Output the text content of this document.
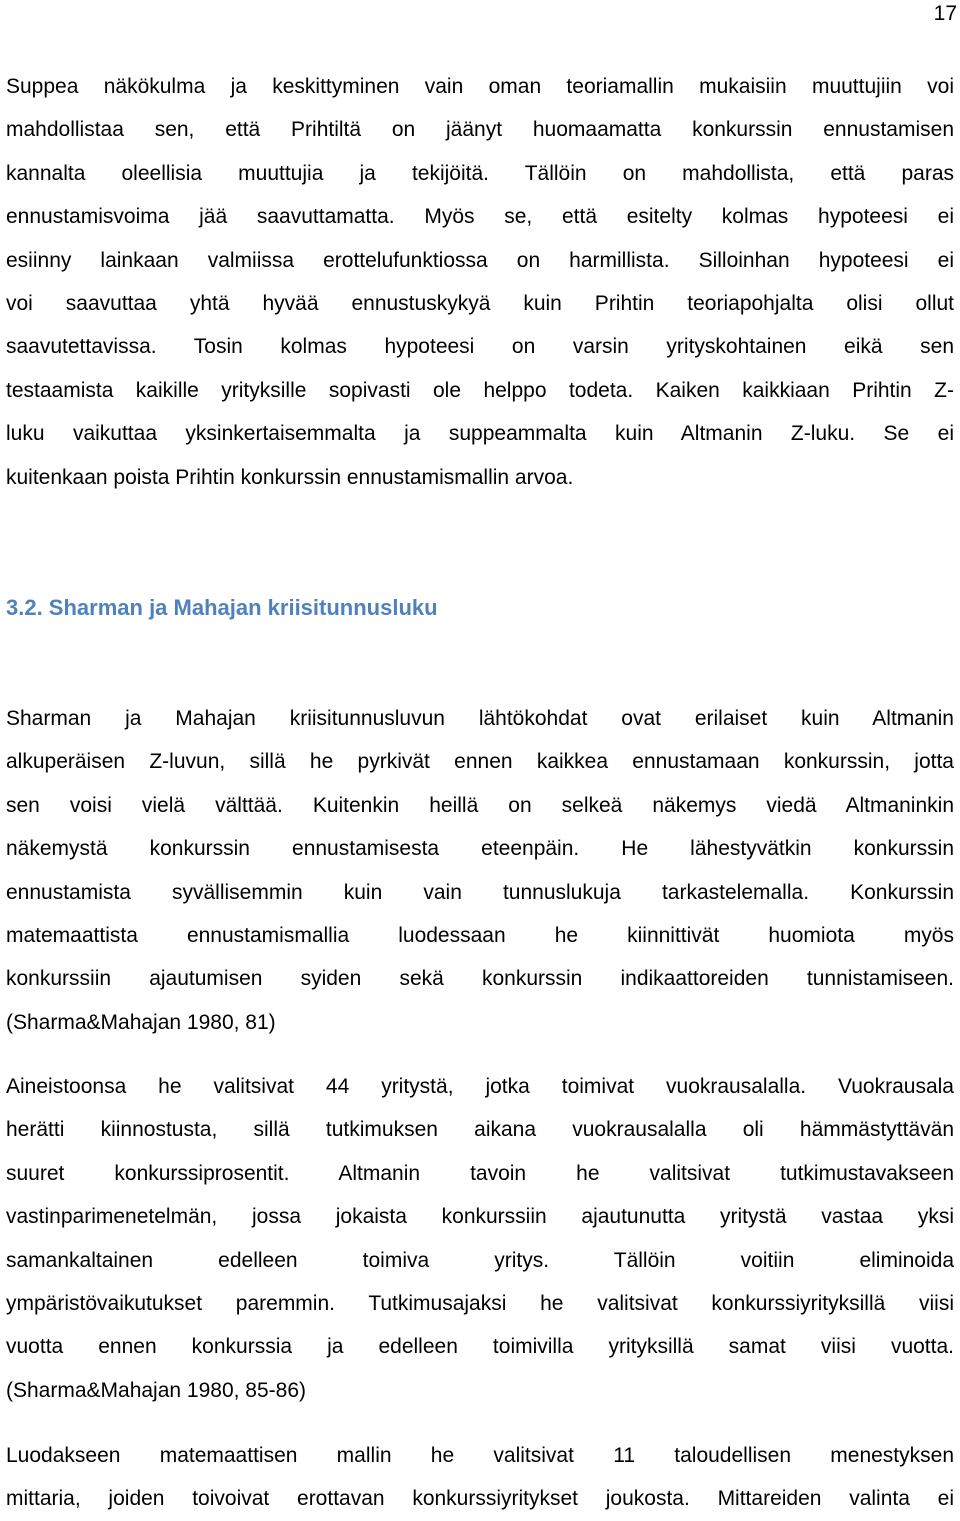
17
Suppea näkökulma ja keskittyminen vain oman teoriamallin mukaisiin muuttujiin voi
mahdollistaa sen, että Prihtiltä on jäänyt huomaamatta konkurssin ennustamisen
kannalta oleellisia muuttujia ja tekijöitä. Tällöin on mahdollista, että paras
ennustamisvoima jää saavuttamatta. Myös se, että esitelty kolmas hypoteesi ei
esiinny lainkaan valmiissa erottelufunktiossa on harmillista. Silloinhan hypoteesi ei
voi saavuttaa yhtä hyvää ennustuskykyä kuin Prihtin teoriapohjalta olisi ollut
saavutettavissa. Tosin kolmas hypoteesi on varsin yrityskohtainen eikä sen
testaamista kaikille yrityksille sopivasti ole helppo todeta. Kaiken kaikkiaan Prihtin Z-
luku vaikuttaa yksinkertaisemmalta ja suppeammalta kuin Altmanin Z-luku. Se ei
kuitenkaan poista Prihtin konkurssin ennustamismallin arvoa.
3.2. Sharman ja Mahajan kriisitunnusluku
Sharman ja Mahajan kriisitunnusluvun lähtökohdat ovat erilaiset kuin Altmanin
alkuperäisen Z-luvun, sillä he pyrkivät ennen kaikkea ennustamaan konkurssin, jotta
sen voisi vielä välttää. Kuitenkin heillä on selkeä näkemys viedä Altmaninkin
näkemystä konkurssin ennustamisesta eteenpäin. He lähestyvätkin konkurssin
ennustamista syvällisemmin kuin vain tunnuslukuja tarkastelemalla. Konkurssin
matemaattista ennustamismallia luodessaan he kiinnittivät huomiota myös
konkurssiin ajautumisen syiden sekä konkurssin indikaattoreiden tunnistamiseen.
(Sharma&Mahajan 1980, 81)
Aineistoonsa he valitsivat 44 yritystä, jotka toimivat vuokrausalalla. Vuokrausala
herätti kiinnostusta, sillä tutkimuksen aikana vuokrausalalla oli hämmästyttävän
suuret konkurssiprosentit. Altmanin tavoin he valitsivat tutkimustavakseen
vastinparimenetelmän, jossa jokaista konkurssiin ajautunutta yritystä vastaa yksi
samankaltainen edelleen toimiva yritys. Tällöin voitiin eliminoida
ympäristövaikutukset paremmin. Tutkimusajaksi he valitsivat konkurssiyrityksillä viisi
vuotta ennen konkurssia ja edelleen toimivilla yrityksillä samat viisi vuotta.
(Sharma&Mahajan 1980, 85-86)
Luodakseen matemaattisen mallin he valitsivat 11 taloudellisen menestyksen
mittaria, joiden toivoivat erottavan konkurssiyritykset joukosta. Mittareiden valinta ei
